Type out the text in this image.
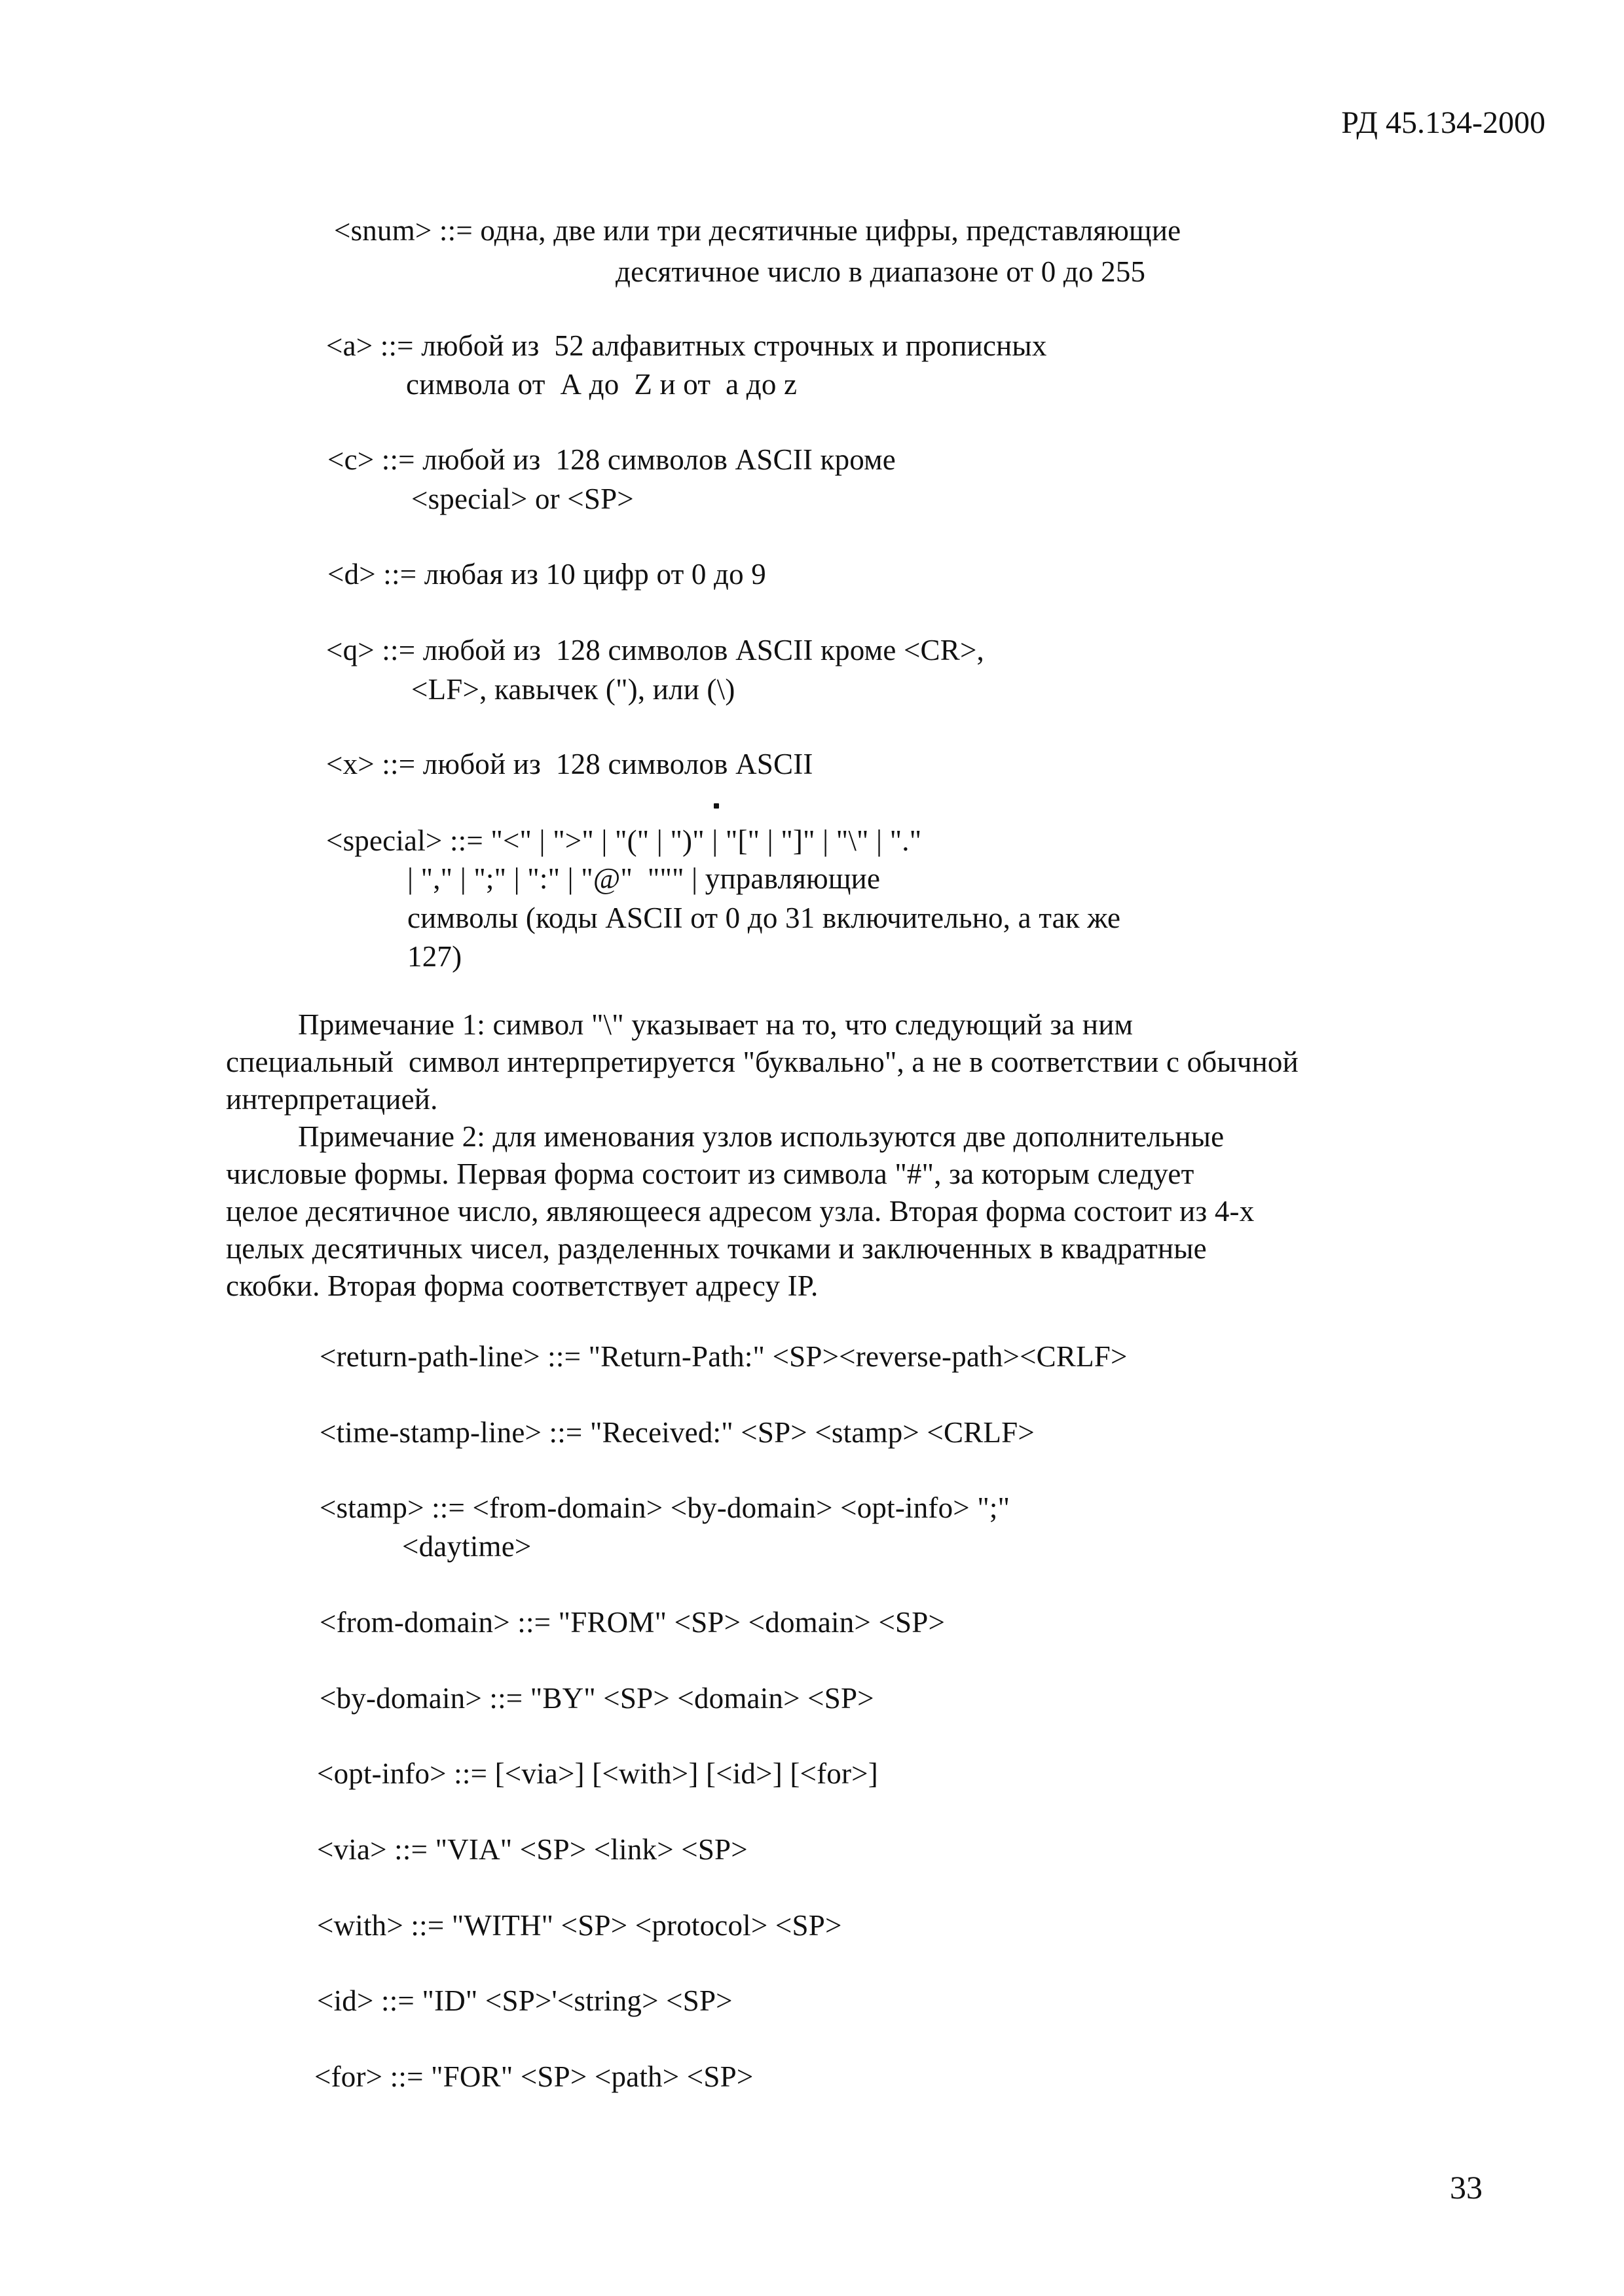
РД 45.134-2000
<snum> ::= одна, две или три десятичные цифры, представляющие
десятичное число в диапазоне от 0 до 255
<a> ::= любой из  52 алфавитных строчных и прописных
символа от  А до  Z и от  а до z
<c> ::= любой из  128 символов ASCII кроме
<special> or <SP>
<d> ::= любая из 10 цифр от 0 до 9
<q> ::= любой из  128 символов ASCII кроме <CR>,
<LF>, кавычек ("), или (\)
<x> ::= любой из  128 символов ASCII
<special> ::= "<" | ">" | "(" | ")" | "[" | "]" | "\" | "."
| "," | ";" | ":" | "@"  """ | управляющие
символы (коды ASCII от 0 до 31 включительно, а так же
127)
Примечание 1: символ "\" указывает на то, что следующий за ним
специальный  символ интерпретируется "буквально", а не в соответствии с обычной
интерпретацией.
Примечание 2: для именования узлов используются две дополнительные
числовые формы. Первая форма состоит из символа "#", за которым следует
целое десятичное число, являющееся адресом узла. Вторая форма состоит из 4-х
целых десятичных чисел, разделенных точками и заключенных в квадратные
скобки. Вторая форма соответствует адресу IP.
<return-path-line> ::= "Return-Path:" <SP><reverse-path><CRLF>
<time-stamp-line> ::= "Received:" <SP> <stamp> <CRLF>
<stamp> ::= <from-domain> <by-domain> <opt-info> ";"
<daytime>
<from-domain> ::= "FROM" <SP> <domain> <SP>
<by-domain> ::= "BY" <SP> <domain> <SP>
<opt-info> ::= [<via>] [<with>] [<id>] [<for>]
<via> ::= "VIA" <SP> <link> <SP>
<with> ::= "WITH" <SP> <protocol> <SP>
<id> ::= "ID" <SP>'<string> <SP>
<for> ::= "FOR" <SP> <path> <SP>
33
